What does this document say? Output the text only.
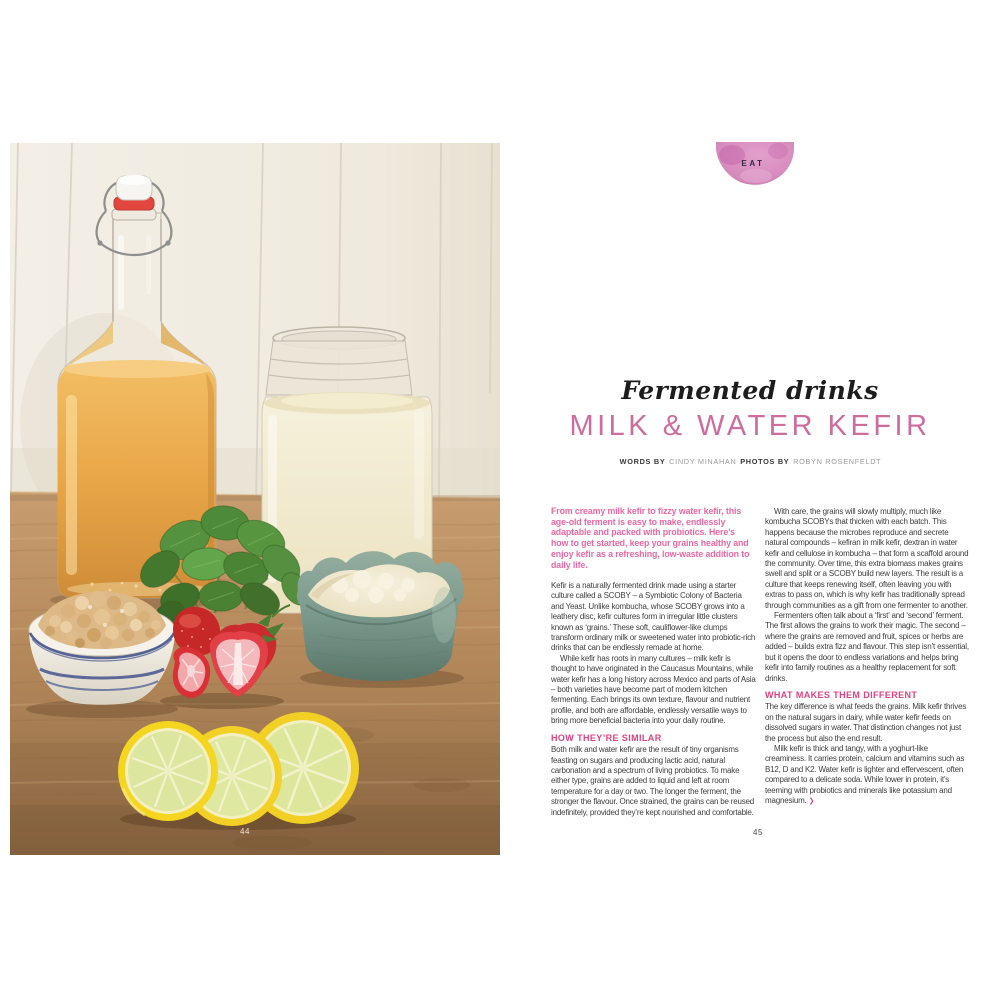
44	45
EAT
Fermented drinks
MILK & WATER KEFIR
WORDS BY CINDY MINAHAN PHOTOS BY ROBYN ROSENFELDT
From creamy milk kefir to fizzy water kefir, this age-old ferment is easy to make, endlessly adaptable and packed with probiotics. Here’s how to get started, keep your grains healthy and enjoy kefir as a refreshing, low-waste addition to daily life.

Kefir is a naturally fermented drink made using a starter culture called a SCOBY – a Symbiotic Colony of Bacteria and Yeast. Unlike kombucha, whose SCOBY grows into a leathery disc, kefir cultures form in irregular little clusters known as ‘grains.’ These soft, cauliflower-like clumps transform ordinary milk or sweetened water into probiotic-rich drinks that can be endlessly remade at home.

While kefir has roots in many cultures – milk kefir is thought to have originated in the Caucasus Mountains, while water kefir has a long history across Mexico and parts of Asia – both varieties have become part of modern kitchen fermenting. Each brings its own texture, flavour and nutrient profile, and both are affordable, endlessly versatile ways to bring more beneficial bacteria into your daily routine.

HOW THEY’RE SIMILAR

Both milk and water kefir are the result of tiny organisms feasting on sugars and producing lactic acid, natural carbonation and a spectrum of living probiotics. To make either type, grains are added to liquid and left at room temperature for a day or two. The longer the ferment, the stronger the flavour. Once strained, the grains can be reused indefinitely, provided they’re kept nourished and comfortable.

With care, the grains will slowly multiply, much like kombucha SCOBYs that thicken with each batch. This happens because the microbes reproduce and secrete natural compounds – kefiran in milk kefir, dextran in water kefir and cellulose in kombucha – that form a scaffold around the community. Over time, this extra biomass makes grains swell and split or a SCOBY build new layers. The result is a culture that keeps renewing itself, often leaving you with extras to pass on, which is why kefir has traditionally spread through communities as a gift from one fermenter to another.

Fermenters often talk about a ‘first’ and ‘second’ ferment. The first allows the grains to work their magic. The second – where the grains are removed and fruit, spices or herbs are added – builds extra fizz and flavour. This step isn’t essential, but it opens the door to endless variations and helps bring kefir into family routines as a healthy replacement for soft drinks.

WHAT MAKES THEM DIFFERENT

The key difference is what feeds the grains. Milk kefir thrives on the natural sugars in dairy, while water kefir feeds on dissolved sugars in water. That distinction changes not just the process but also the end result.

Milk kefir is thick and tangy, with a yoghurt-like creaminess. It carries protein, calcium and vitamins such as B12, D and K2. Water kefir is lighter and effervescent, often compared to a delicate soda. While lower in protein, it’s teeming with probiotics and minerals like potassium and magnesium. ❯
